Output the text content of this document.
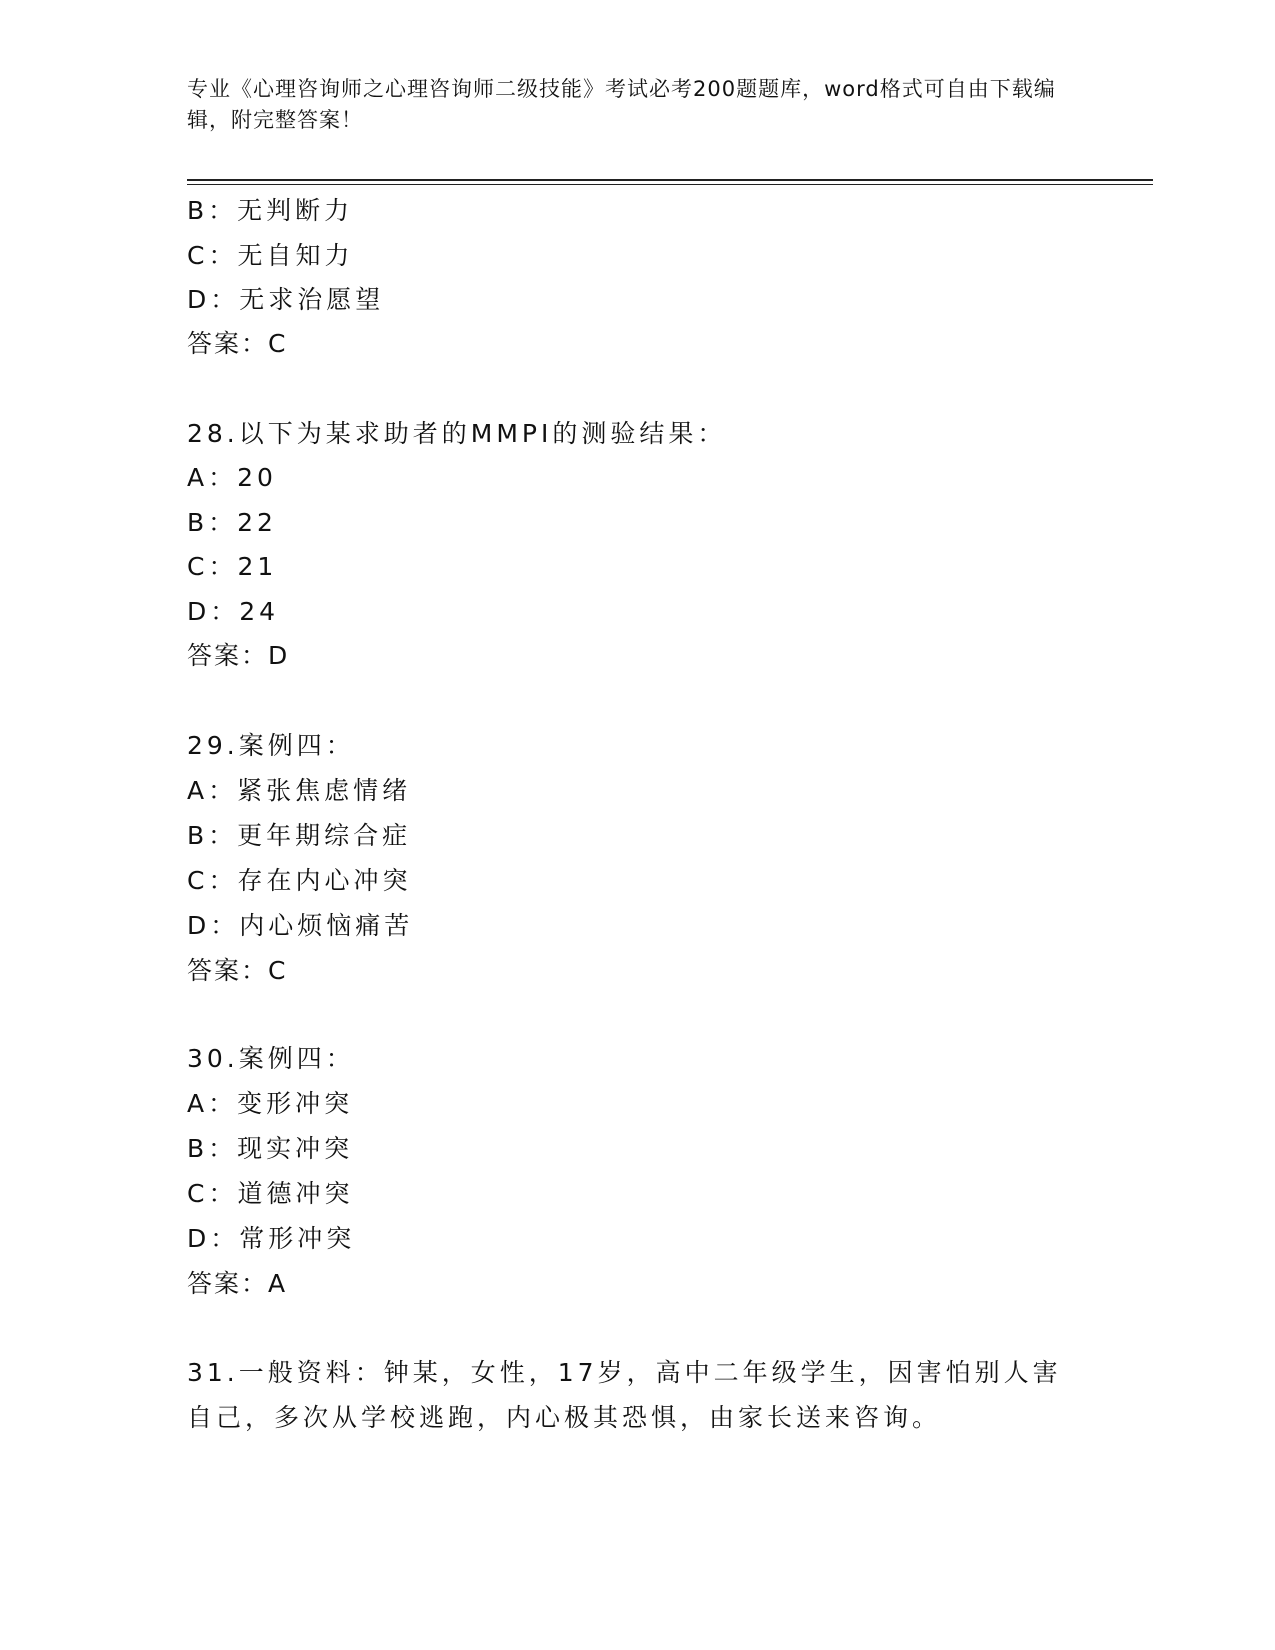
专业《心理咨询师之心理咨询师二级技能》考试必考200题题库，word格式可自由下载编辑，附完整答案！
B：无判断力
C：无自知力
D：无求治愿望
答案：C
28.以下为某求助者的MMPI的测验结果：
A：20
B：22
C：21
D：24
答案：D
29.案例四：
A：紧张焦虑情绪
B：更年期综合症
C：存在内心冲突
D：内心烦恼痛苦
答案：C
30.案例四：
A：变形冲突
B：现实冲突
C：道德冲突
D：常形冲突
答案：A
31.一般资料：钟某，女性，17岁，高中二年级学生，因害怕别人害自己，多次从学校逃跑，内心极其恐惧，由家长送来咨询。
